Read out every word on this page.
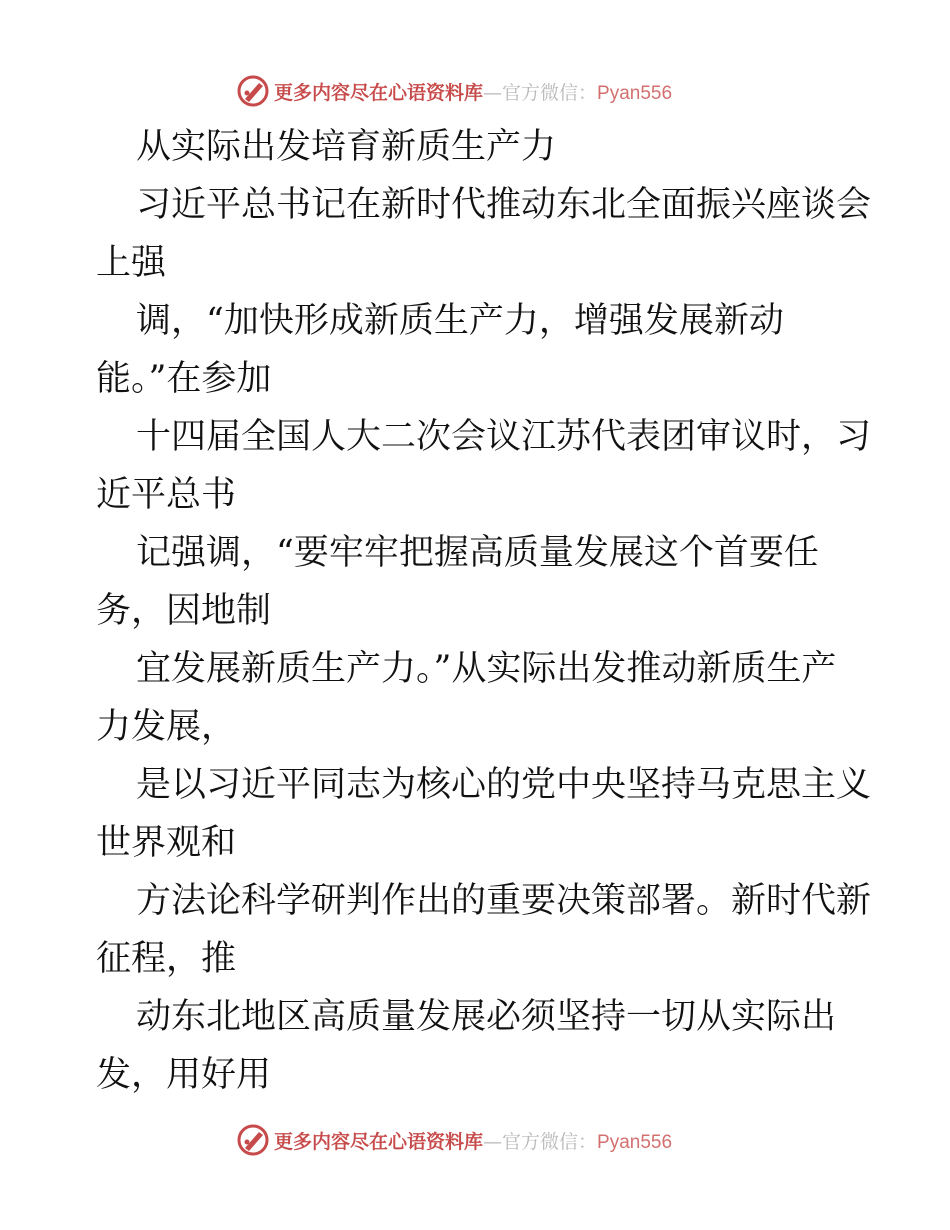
更多内容尽在心语资料库—官方微信：Pyan556
从实际出发培育新质生产力
习近平总书记在新时代推动东北全面振兴座谈会
上强
调，“加快形成新质生产力，增强发展新动
能。”在参加
十四届全国人大二次会议江苏代表团审议时，习
近平总书
记强调，“要牢牢把握高质量发展这个首要任
务，因地制
宜发展新质生产力。”从实际出发推动新质生产
力发展，
是以习近平同志为核心的党中央坚持马克思主义
世界观和
方法论科学研判作出的重要决策部署。新时代新
征程，推
动东北地区高质量发展必须坚持一切从实际出
发，用好用
更多内容尽在心语资料库—官方微信：Pyan556
